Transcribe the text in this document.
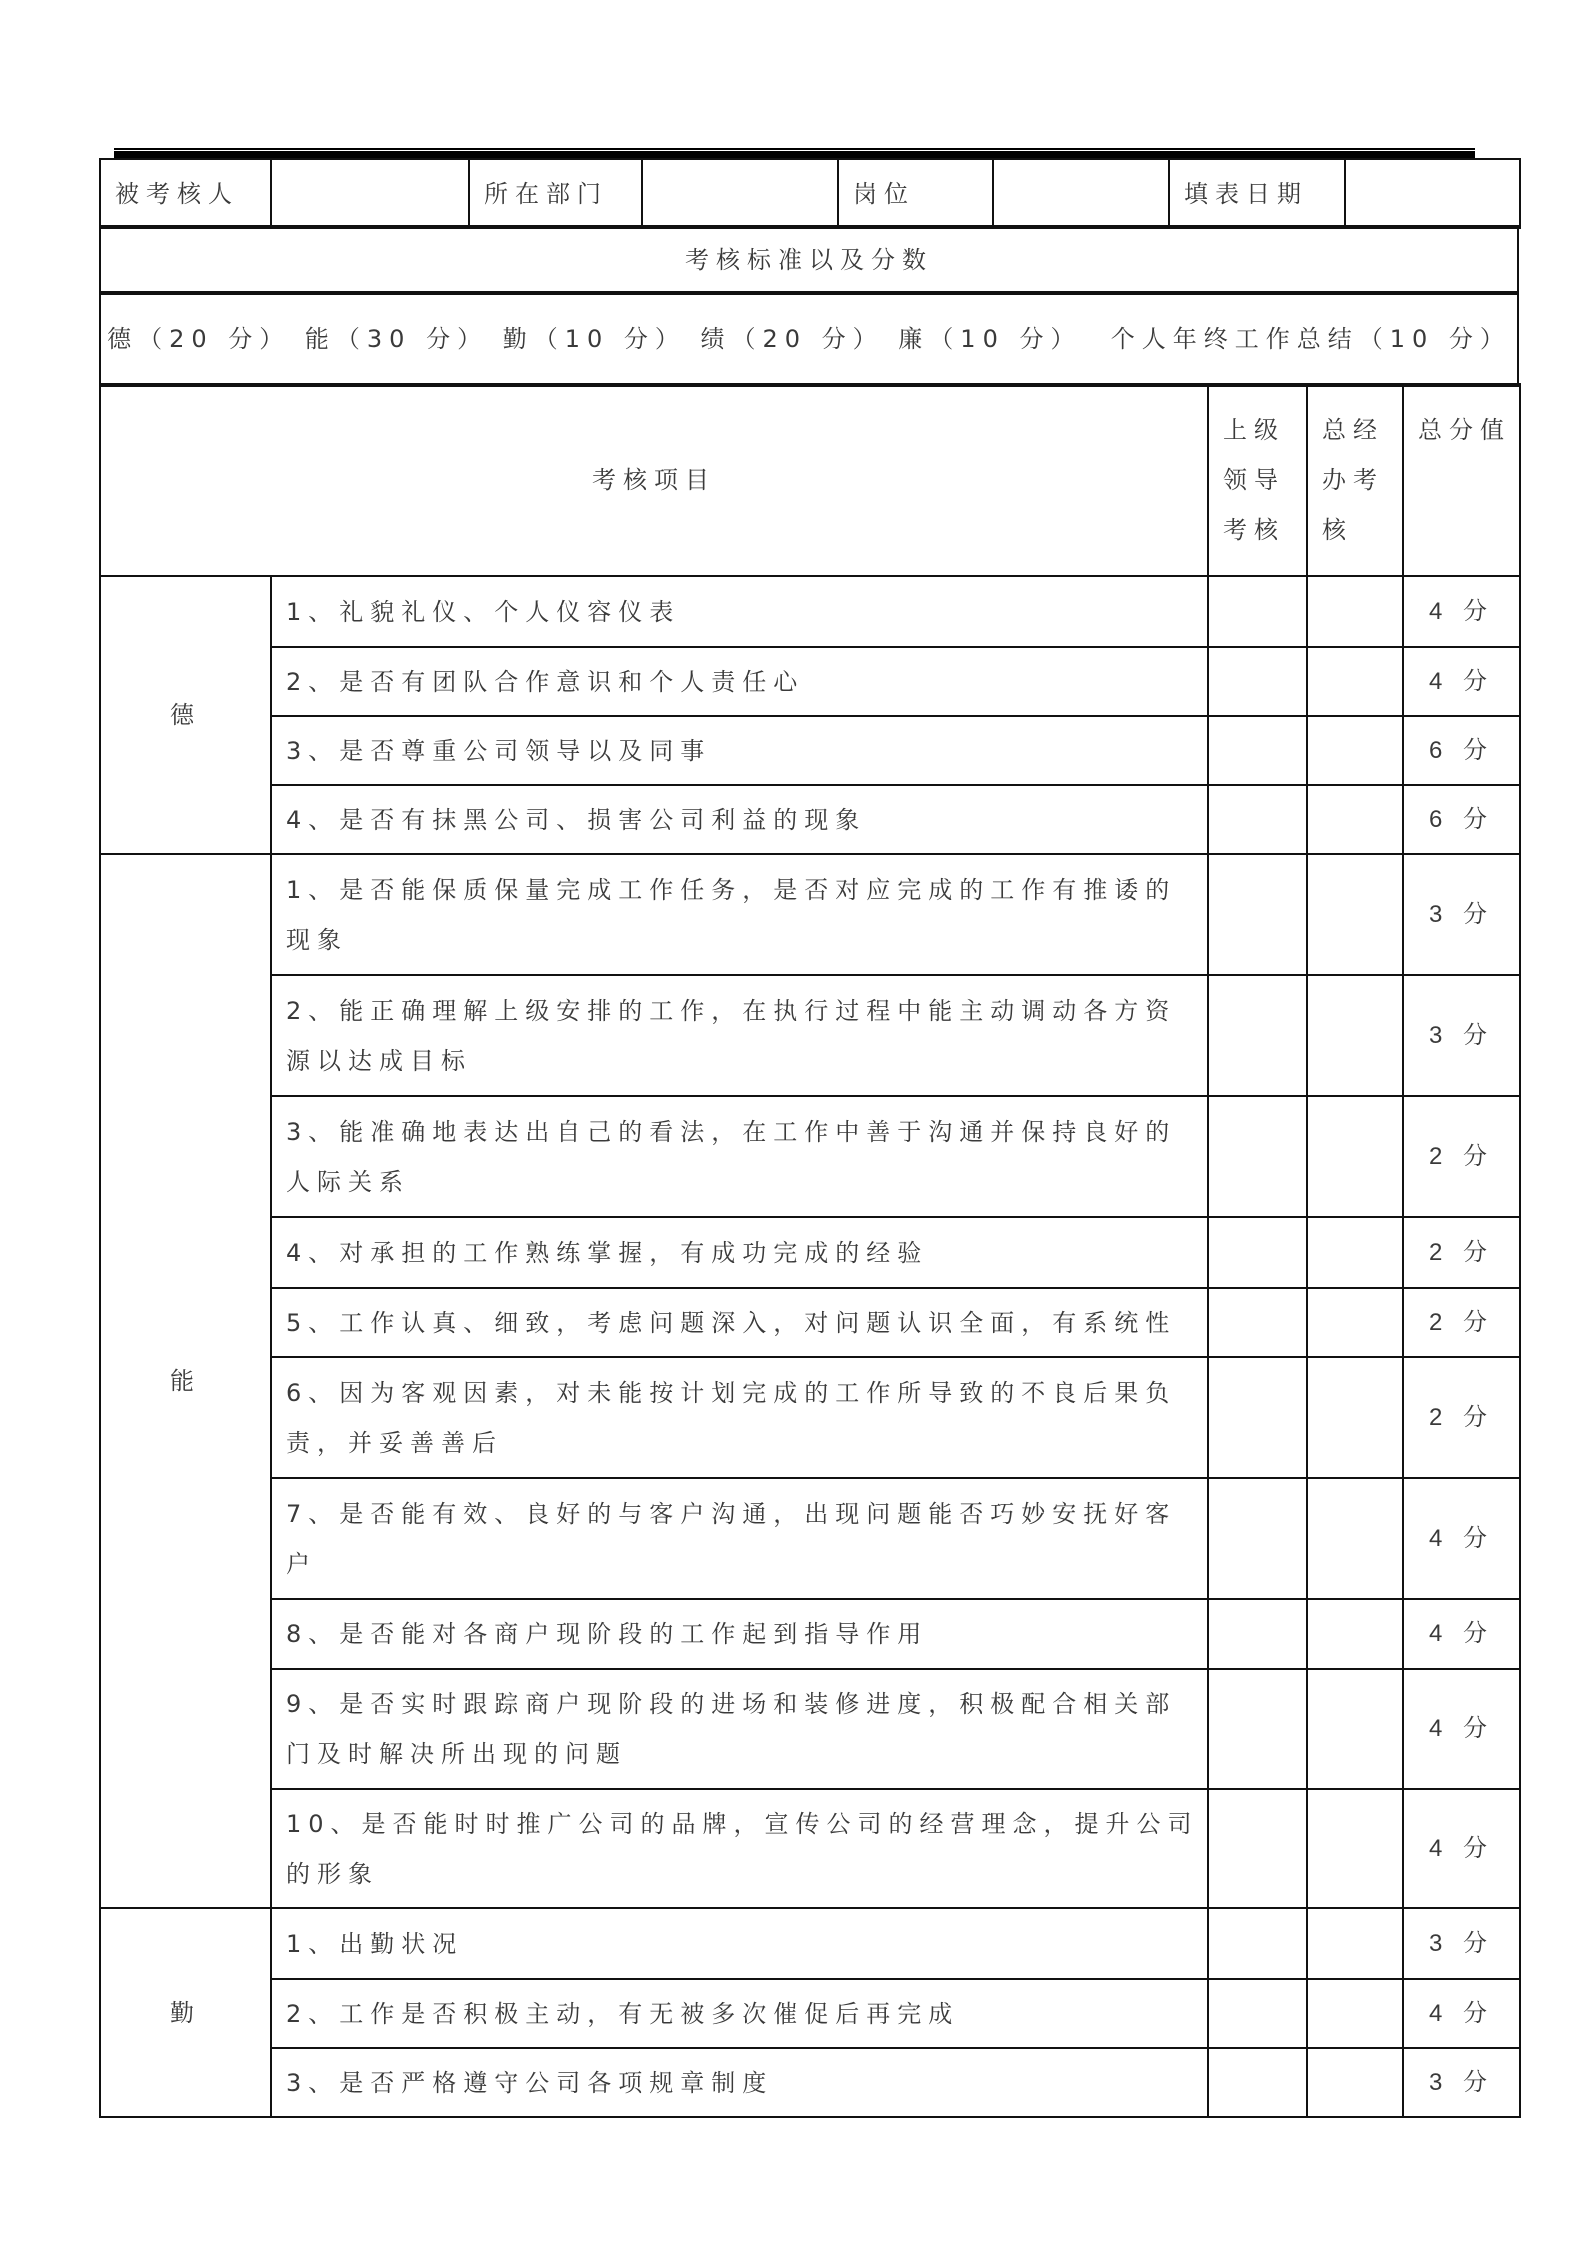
被考核人		所在部门		岗位		填表日期	
考核标准以及分数
德（20 分） 能（30 分） 勤（10 分） 绩（20 分） 廉（10 分）  个人年终工作总结（10 分）
考核项目		上级领导考核	总经办考核	总分值
德	1、礼貌礼仪、个人仪容仪表			4 分
	2、是否有团队合作意识和个人责任心			4 分
	3、是否尊重公司领导以及同事			6 分
	4、是否有抹黑公司、损害公司利益的现象			6 分
能	1、是否能保质保量完成工作任务，是否对应完成的工作有推诿的现象			3 分
	2、能正确理解上级安排的工作，在执行过程中能主动调动各方资源以达成目标			3 分
	3、能准确地表达出自己的看法，在工作中善于沟通并保持良好的人际关系			2 分
	4、对承担的工作熟练掌握，有成功完成的经验			2 分
	5、工作认真、细致，考虑问题深入，对问题认识全面，有系统性			2 分
	6、因为客观因素，对未能按计划完成的工作所导致的不良后果负责，并妥善善后			2 分
	7、是否能有效、良好的与客户沟通，出现问题能否巧妙安抚好客户			4 分
	8、是否能对各商户现阶段的工作起到指导作用			4 分
	9、是否实时跟踪商户现阶段的进场和装修进度，积极配合相关部门及时解决所出现的问题			4 分
	10、是否能时时推广公司的品牌，宣传公司的经营理念，提升公司的形象			4 分
勤	1、出勤状况			3 分
	2、工作是否积极主动，有无被多次催促后再完成			4 分
	3、是否严格遵守公司各项规章制度			3 分
